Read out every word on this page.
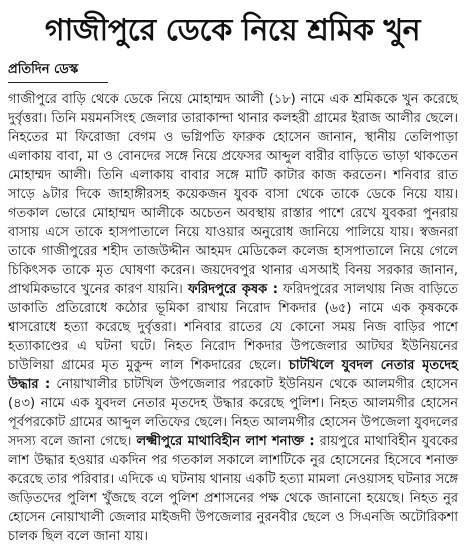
গাজীপুরে ডেকে নিয়ে শ্রমিক খুন
প্রতিদিন ডেস্ক

গাজীপুরে বাড়ি থেকে ডেকে নিয়ে মোহাম্মদ আলী (১৮) নামে এক শ্রমিককে খুন করেছে দুর্বৃত্তরা। তিনি ময়মনসিংহ জেলার তারাকান্দা থানার কলহরী গ্রামের ইরাজ আলীর ছেলে। নিহতের মা ফিরোজা বেগম ও ভগ্নিপতি ফারুক হোসেন জানান, স্থানীয় তেলিপাড়া এলাকায় বাবা, মা ও বোনদের সঙ্গে নিয়ে প্রফেসর আব্দুল বারীর বাড়িতে ভাড়া থাকতেন মোহাম্মদ আলী। তিনি এলাকায় বাবার সঙ্গে মাটি কাটার কাজ করতেন। শনিবার রাত সাড়ে ৯টার দিকে জাহাঙ্গীরসহ কয়েকজন যুবক বাসা থেকে তাকে ডেকে নিয়ে যায়। গতকাল ভোরে মোহাম্মদ আলীকে অচেতন অবস্থায় রাস্তার পাশে রেখে যুবকরা পুনরায় বাসায় এসে তাকে হাসপাতালে নিয়ে যাওয়ার অনুরোধ জানিয়ে পালিয়ে যায়। স্বজনরা তাকে গাজীপুরের শহীদ তাজউদ্দীন আহমদ মেডিকেল কলেজ হাসপাতালে নিয়ে গেলে চিকিৎসক তাকে মৃত ঘোষণা করেন। জয়দেবপুর থানার এসআই বিনয় সরকার জানান, প্রাথমিকভাবে খুনের কারণ যায়নি। ফরিদপুরে কৃষক : ফরিদপুরের সালথায় নিজ বাড়িতে ডাকাতি প্রতিরোধে কঠোর ভূমিকা রাখায় নিরোদ শিকদার (৬৫) নামে এক কৃষককে শ্বাসরোধে হত্যা করেছে দুর্বৃত্তরা। শনিবার রাতের যে কোনো সময় নিজ বাড়ির পাশে হত্যাকাণ্ডের এ ঘটনা ঘটে। নিহত নিরোদ শিকদার উপজেলার আটঘর ইউনিয়নের চাউলিয়া গ্রামের মৃত মুকুন্দ লাল শিকদারের ছেলে। চাটখিলে যুবদল নেতার মৃতদেহ উদ্ধার : নোয়াখালীর চাটখিল উপজেলার পরকোট ইউনিয়ন থেকে আলমগীর হোসেন (৪৩) নামে এক যুবদল নেতার মৃতদেহ উদ্ধার করেছে পুলিশ। নিহত আলমগীর হোসেন পূর্বপরকোট গ্রামের আব্দুল লতিফের ছেলে। নিহত আলমগীর হোসেন উপজেলা যুবদলের সদস্য বলে জানা গেছে। লক্ষ্মীপুরে মাথাবিহীন লাশ শনাক্ত : রায়পুরে মাথাবিহীন যুবকের লাশ উদ্ধার হওয়ার একদিন পর গতকাল সকালে লাশটিকে নুর হোসেনের হিসেবে শনাক্ত করেছে তার পরিবার। এদিকে এ ঘটনায় থানায় একটি হত্যা মামলা নেওয়াসহ ঘটনার সঙ্গে জড়িতদের পুলিশ খুঁজছে বলে পুলিশ প্রশাসনের পক্ষ থেকে জানানো হয়েছে। নিহত নুর হোসেন নোয়াখালী জেলার মাইজদী উপজেলার নুরনবীর ছেলে ও সিএনজি অটোরিকশা চালক ছিল বলে জানা যায়।
